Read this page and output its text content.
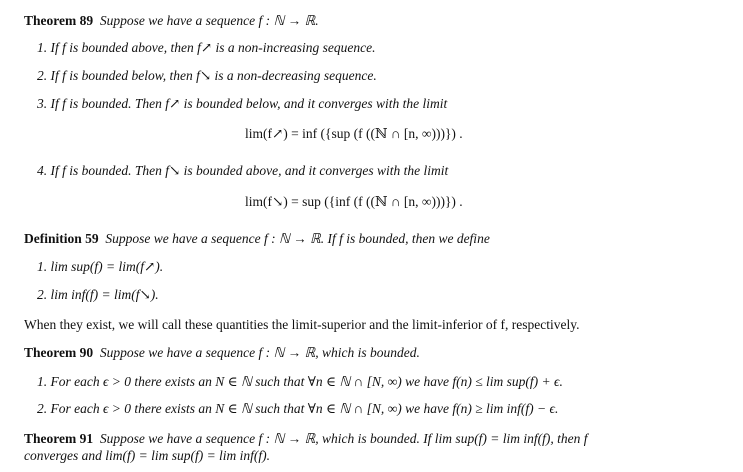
Theorem 89 Suppose we have a sequence f : ℕ → ℝ.
1. If f is bounded above, then f↗ is a non-increasing sequence.
2. If f is bounded below, then f↘ is a non-decreasing sequence.
3. If f is bounded. Then f↗ is bounded below, and it converges with the limit
lim(f↗) = inf ({sup (f ((ℕ ∩ [n, ∞)))}) .
4. If f is bounded. Then f↘ is bounded above, and it converges with the limit
lim(f↘) = sup ({inf (f ((ℕ ∩ [n, ∞)))}) .
Definition 59 Suppose we have a sequence f : ℕ → ℝ. If f is bounded, then we define
1. lim sup(f) = lim(f↗).
2. lim inf(f) = lim(f↘).
When they exist, we will call these quantities the limit-superior and the limit-inferior of f, respectively.
Theorem 90 Suppose we have a sequence f : ℕ → ℝ, which is bounded.
1. For each ϵ > 0 there exists an N ∈ ℕ such that ∀n ∈ ℕ ∩ [N, ∞) we have f(n) ≤ lim sup(f) + ϵ.
2. For each ϵ > 0 there exists an N ∈ ℕ such that ∀n ∈ ℕ ∩ [N, ∞) we have f(n) ≥ lim inf(f) − ϵ.
Theorem 91 Suppose we have a sequence f : ℕ → ℝ, which is bounded. If lim sup(f) = lim inf(f), then f
converges and lim(f) = lim sup(f) = lim inf(f).
